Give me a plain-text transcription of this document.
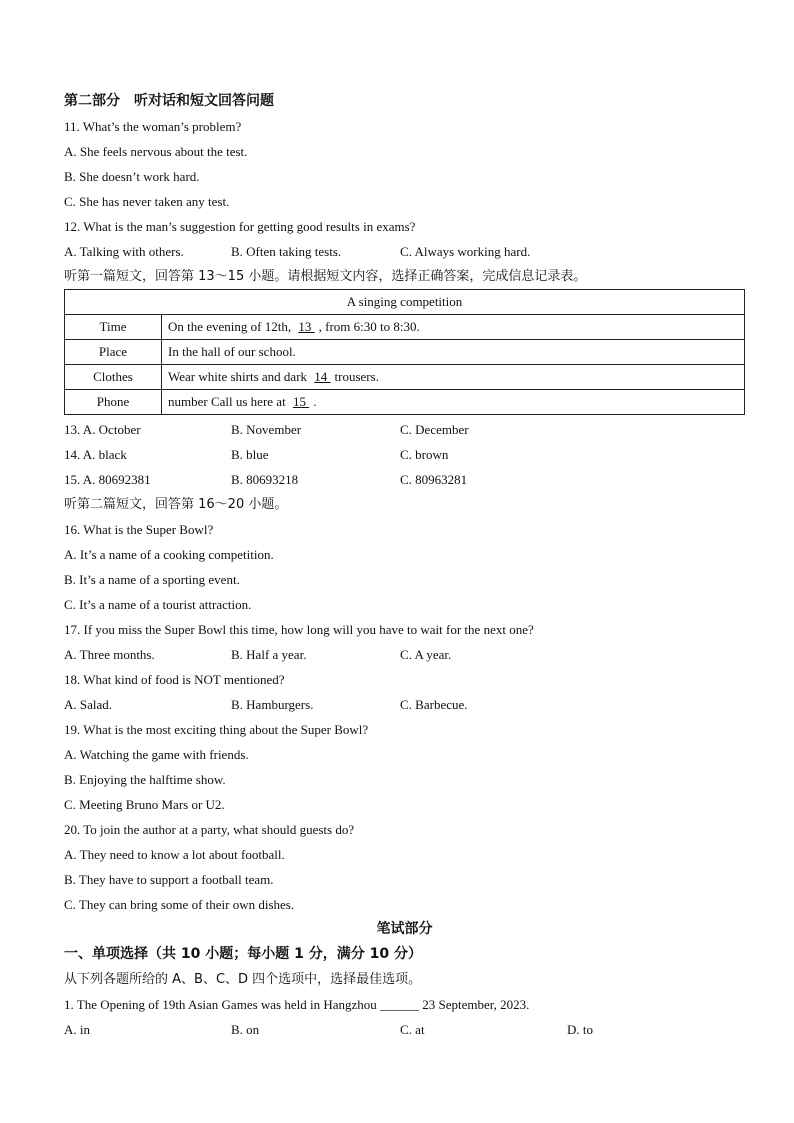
第二部分　听对话和短文回答问题
11. What’s the woman’s problem?
A. She feels nervous about the test.
B. She doesn’t work hard.
C. She has never taken any test.
12. What is the man’s suggestion for getting good results in exams?
A. Talking with others.	B. Often taking tests.	C. Always working hard.
听第一篇短文，回答第 13～15 小题。请根据短文内容，选择正确答案，完成信息记录表。
A singing competition	
Time	On the evening of 12th, 13 , from 6:30 to 8:30.
Place	In the hall of our school.
Clothes	Wear white shirts and dark 14 trousers.
Phone	number Call us here at 15 .
13. A. October	B. November	C. December
14. A. black	B. blue	C. brown
15. A. 80692381	B. 80693218	C. 80963281
听第二篇短文，回答第 16～20 小题。
16. What is the Super Bowl?
A. It’s a name of a cooking competition.
B. It’s a name of a sporting event.
C. It’s a name of a tourist attraction.
17. If you miss the Super Bowl this time, how long will you have to wait for the next one?
A. Three months.	B. Half a year.	C. A year.
18. What kind of food is NOT mentioned?
A. Salad.	B. Hamburgers.	C. Barbecue.
19. What is the most exciting thing about the Super Bowl?
A. Watching the game with friends.
B. Enjoying the halftime show.
C. Meeting Bruno Mars or U2.
20. To join the author at a party, what should guests do?
A. They need to know a lot about football.
B. They have to support a football team.
C. They can bring some of their own dishes.
笔试部分
一、单项选择（共 10 小题；每小题 1 分，满分 10 分）
从下列各题所给的 A、B、C、D 四个选项中，选择最佳选项。
1. The Opening of 19th Asian Games was held in Hangzhou ______ 23 September, 2023.
A. in	B. on	C. at	D. to
